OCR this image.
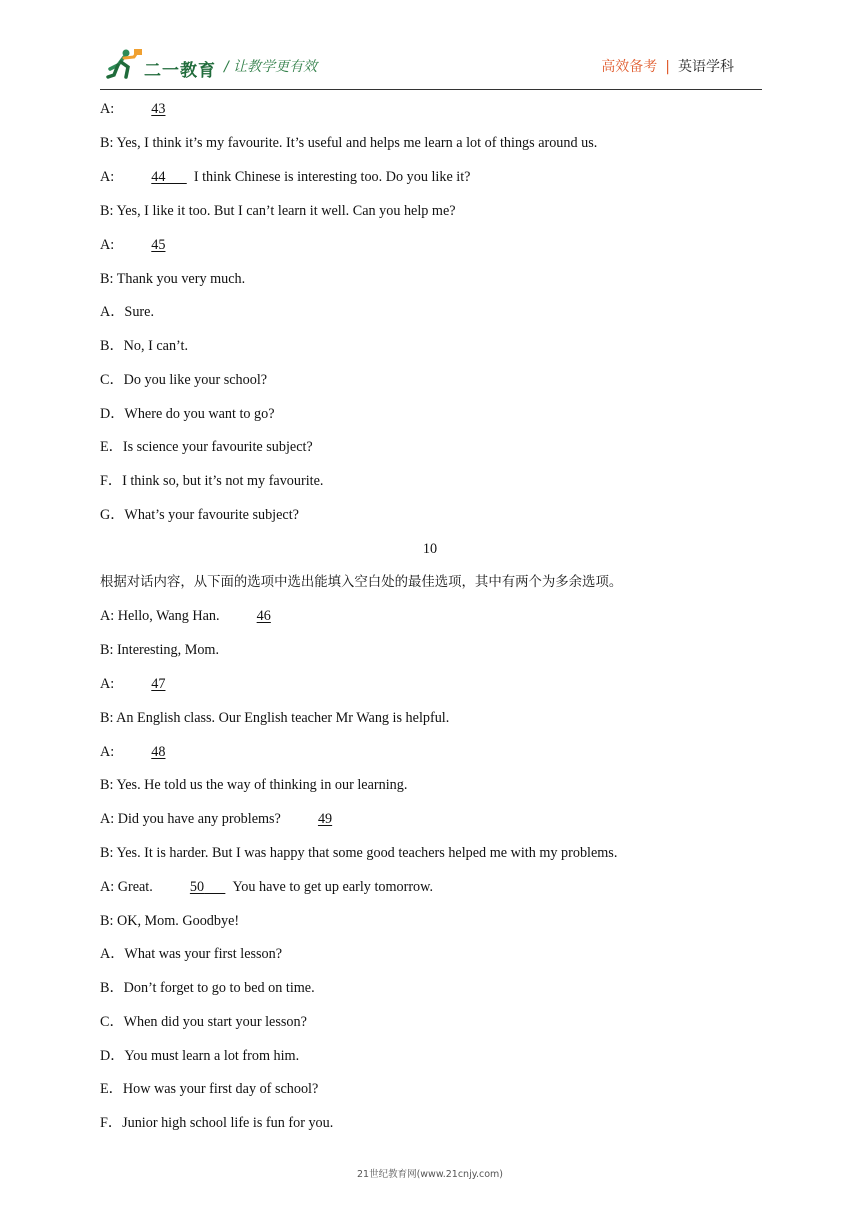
二一教育 / 让教学更有效	高效备考 | 英语学科
A:	43
B: Yes, I think it’s my favourite. It’s useful and helps me learn a lot of things around us.
A:	44 I think Chinese is interesting too. Do you like it?
B: Yes, I like it too. But I can’t learn it well. Can you help me?
A:	45
B: Thank you very much.
A．Sure.
B．No, I can’t.
C．Do you like your school?
D．Where do you want to go?
E．Is science your favourite subject?
F．I think so, but it’s not my favourite.
G．What’s your favourite subject?
10
根据对话内容，从下面的选项中选出能填入空白处的最佳选项，其中有两个为多余选项。
A: Hello, Wang Han.	46
B: Interesting, Mom.
A:	47
B: An English class. Our English teacher Mr Wang is helpful.
A:	48
B: Yes. He told us the way of thinking in our learning.
A: Did you have any problems?	49
B: Yes. It is harder. But I was happy that some good teachers helped me with my problems.
A: Great.	50 You have to get up early tomorrow.
B: OK, Mom. Goodbye!
A．What was your first lesson?
B．Don’t forget to go to bed on time.
C．When did you start your lesson?
D．You must learn a lot from him.
E．How was your first day of school?
F．Junior high school life is fun for you.
21世纪教育网(www.21cnjy.com)
